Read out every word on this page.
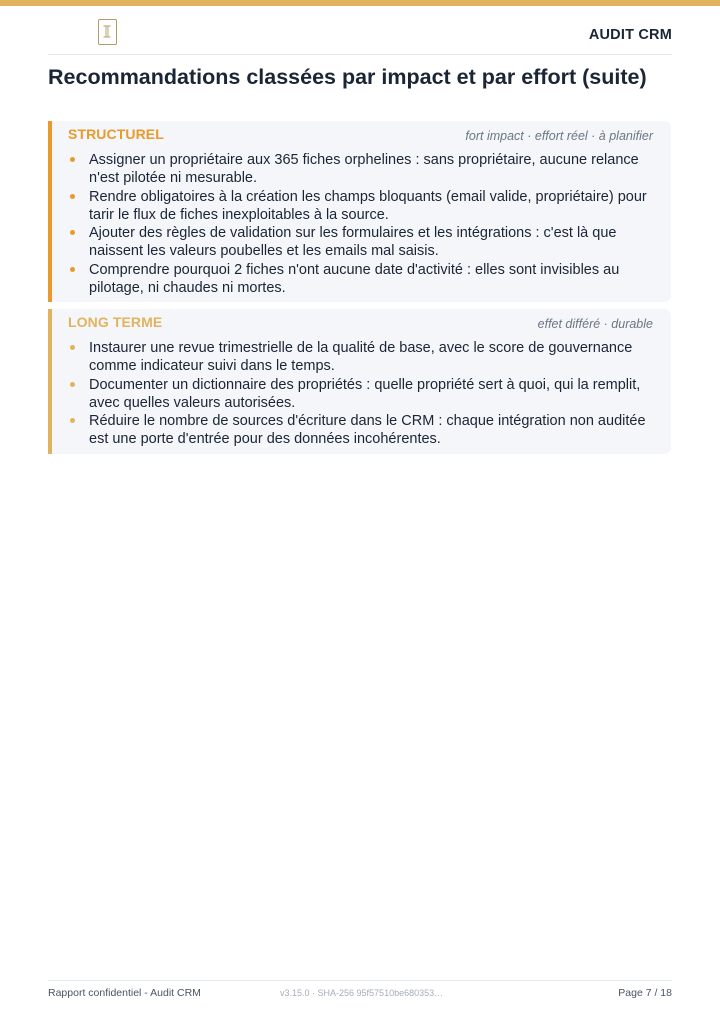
AUDIT CRM
Recommandations classées par impact et par effort (suite)
STRUCTUREL	fort impact · effort réel · à planifier
Assigner un propriétaire aux 365 fiches orphelines : sans propriétaire, aucune relance n'est pilotée ni mesurable.
Rendre obligatoires à la création les champs bloquants (email valide, propriétaire) pour tarir le flux de fiches inexploitables à la source.
Ajouter des règles de validation sur les formulaires et les intégrations : c'est là que naissent les valeurs poubelles et les emails mal saisis.
Comprendre pourquoi 2 fiches n'ont aucune date d'activité : elles sont invisibles au pilotage, ni chaudes ni mortes.
LONG TERME	effet différé · durable
Instaurer une revue trimestrielle de la qualité de base, avec le score de gouvernance comme indicateur suivi dans le temps.
Documenter un dictionnaire des propriétés : quelle propriété sert à quoi, qui la remplit, avec quelles valeurs autorisées.
Réduire le nombre de sources d'écriture dans le CRM : chaque intégration non auditée est une porte d'entrée pour des données incohérentes.
Rapport confidentiel - Audit CRM	v3.15.0 · SHA-256 95f57510be680353…	Page 7 / 18
